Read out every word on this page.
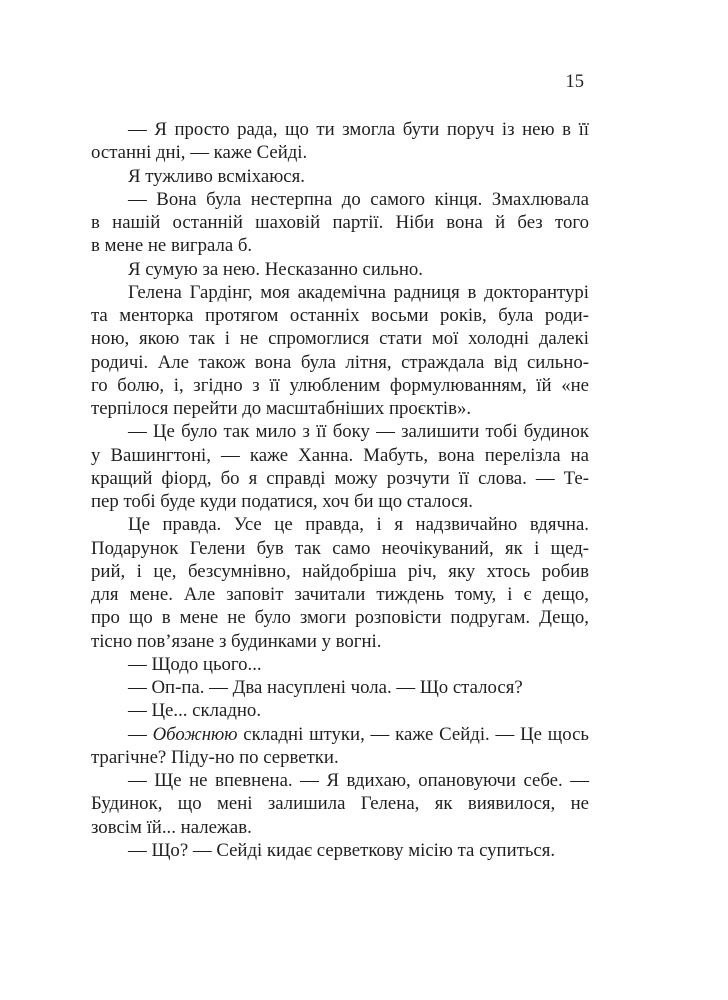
15
— Я просто рада, що ти змогла бути поруч із нею в її
останні дні, — каже Сейді.
Я тужливо всміхаюся.
— Вона була нестерпна до самого кінця. Змахлювала
в нашій останній шаховій партії. Ніби вона й без того
в мене не виграла б.
Я сумую за нею. Несказанно сильно.
Гелена Гардінг, моя академічна радниця в докторантурі
та менторка протягом останніх восьми років, була роди-
ною, якою так і не спромоглися стати мої холодні далекі
родичі. Але також вона була літня, страждала від сильно-
го болю, і, згідно з її улюбленим формулюванням, їй «не
терпілося перейти до масштабніших проєктів».
— Це було так мило з її боку — залишити тобі будинок
у Вашингтоні, — каже Ханна. Мабуть, вона перелізла на
кращий фіорд, бо я справді можу розчути її слова. — Те-
пер тобі буде куди податися, хоч би що сталося.
Це правда. Усе це правда, і я надзвичайно вдячна.
Подарунок Гелени був так само неочікуваний, як і щед-
рий, і це, безсумнівно, найдобріша річ, яку хтось робив
для мене. Але заповіт зачитали тиждень тому, і є дещо,
про що в мене не було змоги розповісти подругам. Дещо,
тісно пов’язане з будинками у вогні.
— Щодо цього...
— Оп-па. — Два насуплені чола. — Що сталося?
— Це... складно.
— Обожнюю складні штуки, — каже Сейді. — Це щось
трагічне? Піду-но по серветки.
— Ще не впевнена. — Я вдихаю, опановуючи себе. —
Будинок, що мені залишила Гелена, як виявилося, не
зовсім їй... належав.
— Що? — Сейді кидає серветкову місію та супиться.
